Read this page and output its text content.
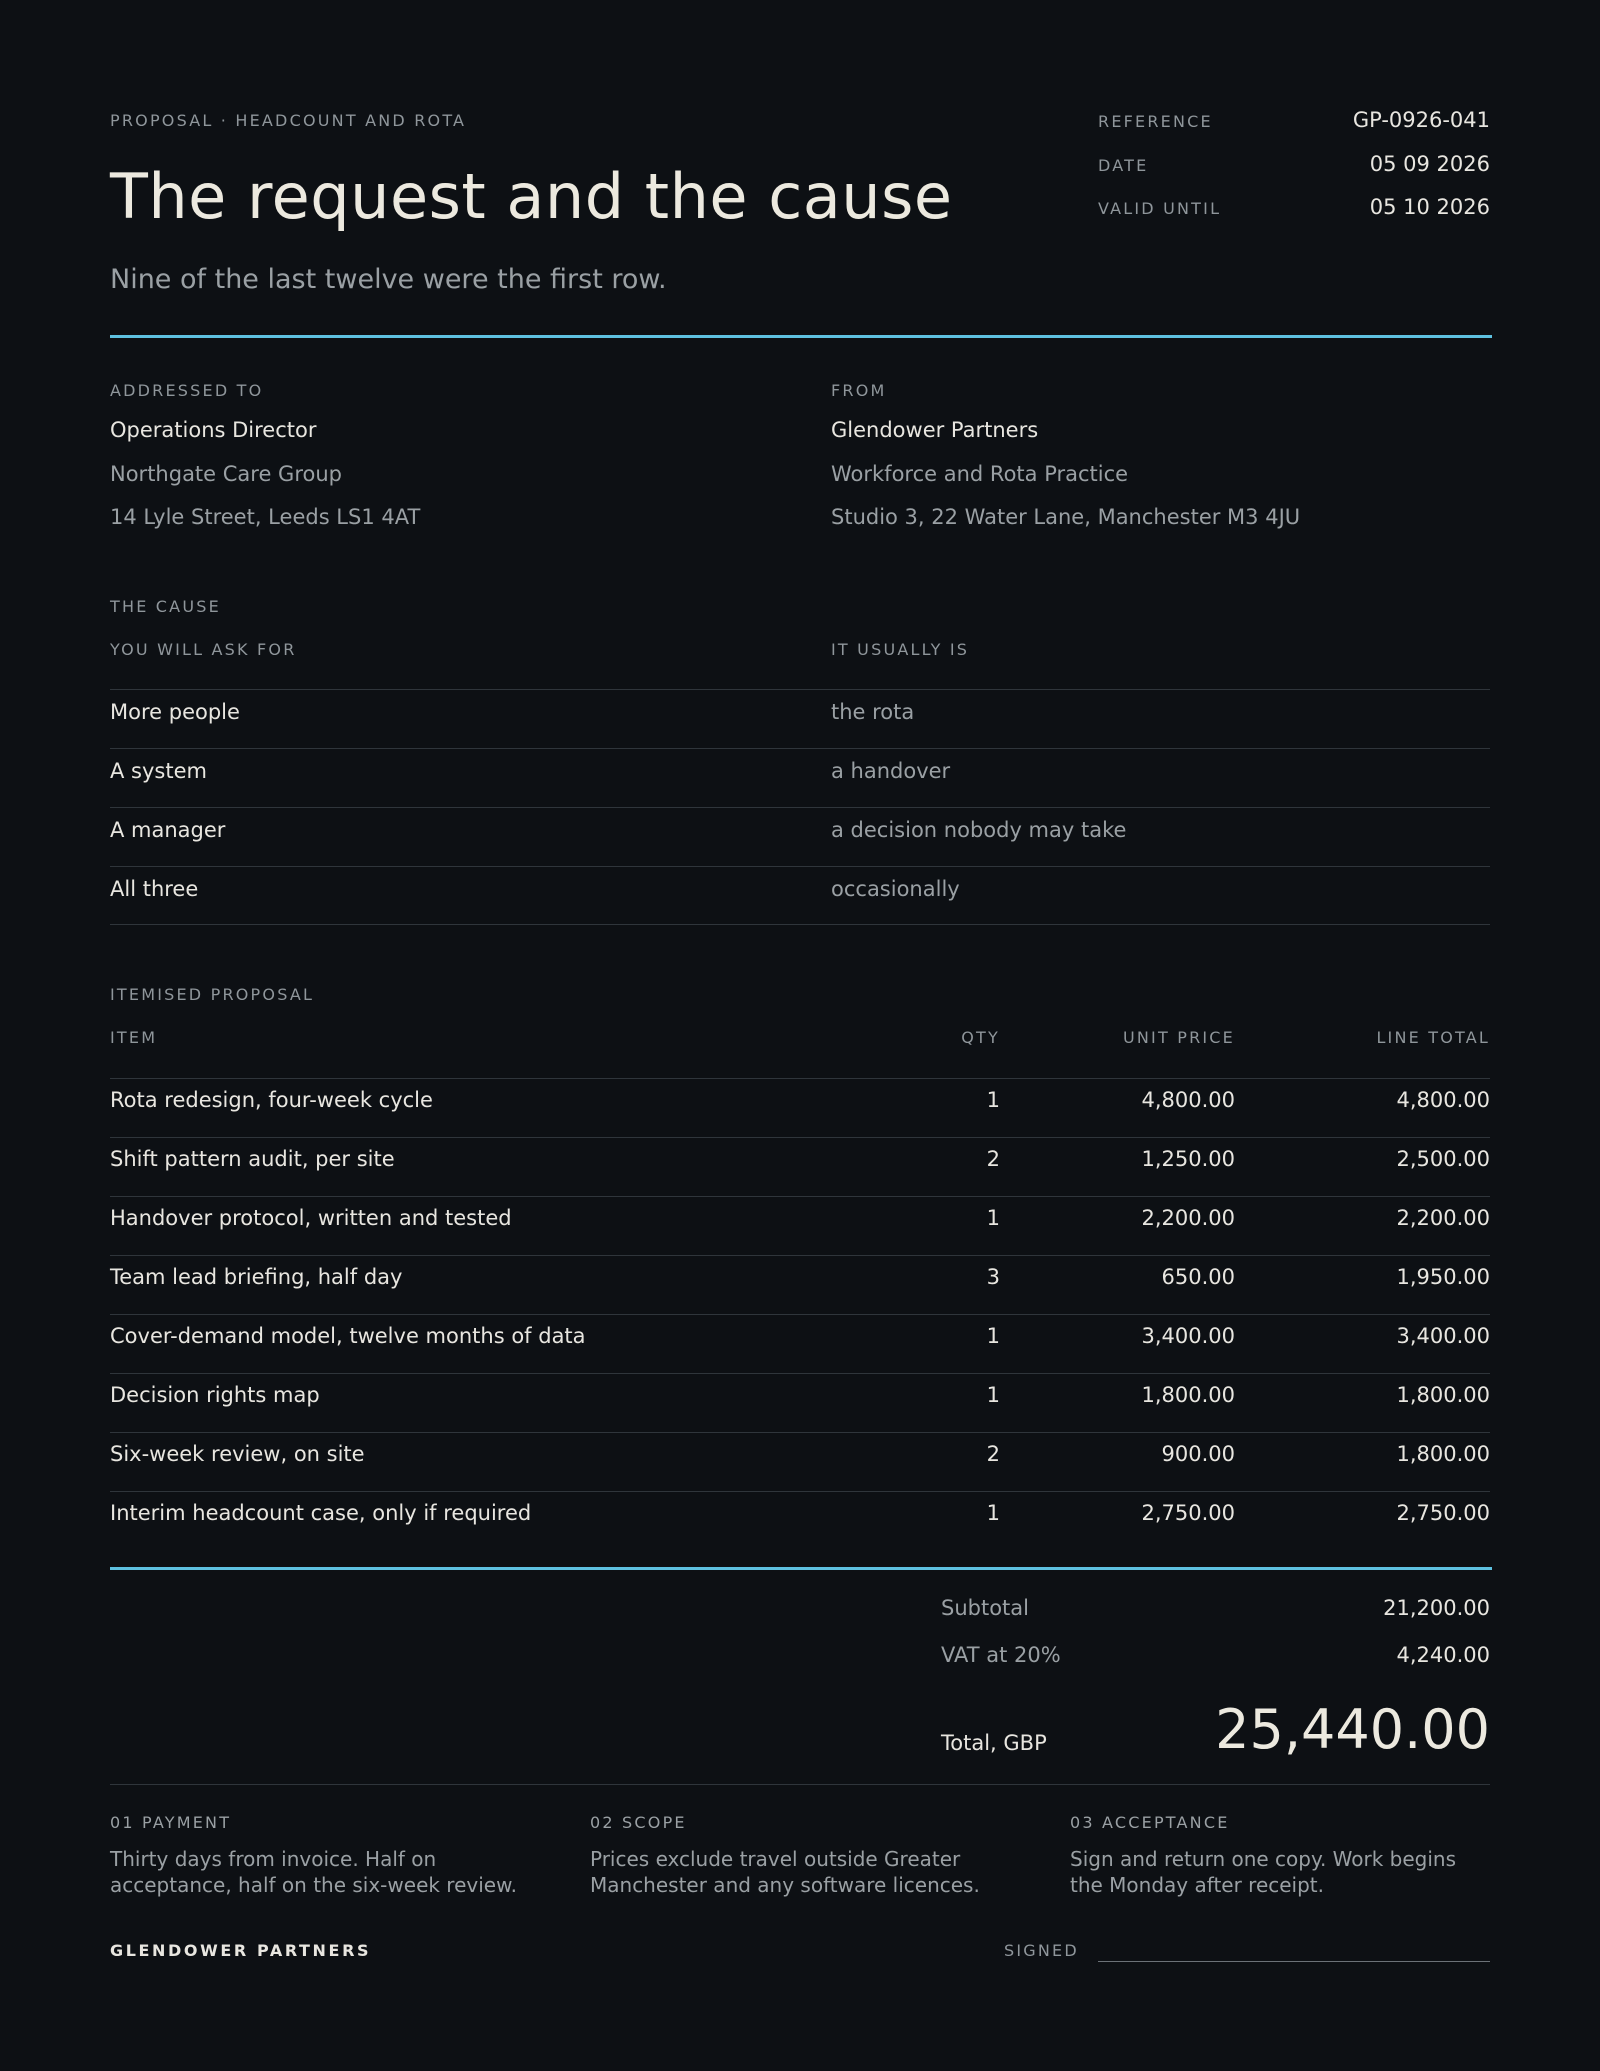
PROPOSAL · HEADCOUNT AND ROTA
The request and the cause
Nine of the last twelve were the first row.
REFERENCE	GP-0926-041
DATE	05 09 2026
VALID UNTIL	05 10 2026
ADDRESSED TO
Operations Director
Northgate Care Group
14 Lyle Street, Leeds LS1 4AT
FROM
Glendower Partners
Workforce and Rota Practice
Studio 3, 22 Water Lane, Manchester M3 4JU
THE CAUSE
YOU WILL ASK FOR	IT USUALLY IS
More people	the rota
A system	a handover
A manager	a decision nobody may take
All three	occasionally
ITEMISED PROPOSAL
ITEM	QTY	UNIT PRICE	LINE TOTAL
Rota redesign, four-week cycle	1	4,800.00	4,800.00
Shift pattern audit, per site	2	1,250.00	2,500.00
Handover protocol, written and tested	1	2,200.00	2,200.00
Team lead briefing, half day	3	650.00	1,950.00
Cover-demand model, twelve months of data	1	3,400.00	3,400.00
Decision rights map	1	1,800.00	1,800.00
Six-week review, on site	2	900.00	1,800.00
Interim headcount case, only if required	1	2,750.00	2,750.00
Subtotal	21,200.00
VAT at 20%	4,240.00
Total, GBP	25,440.00
01 PAYMENT
Thirty days from invoice. Half on acceptance, half on the six-week review.
02 SCOPE
Prices exclude travel outside Greater Manchester and any software licences.
03 ACCEPTANCE
Sign and return one copy. Work begins the Monday after receipt.
GLENDOWER PARTNERS	SIGNED
